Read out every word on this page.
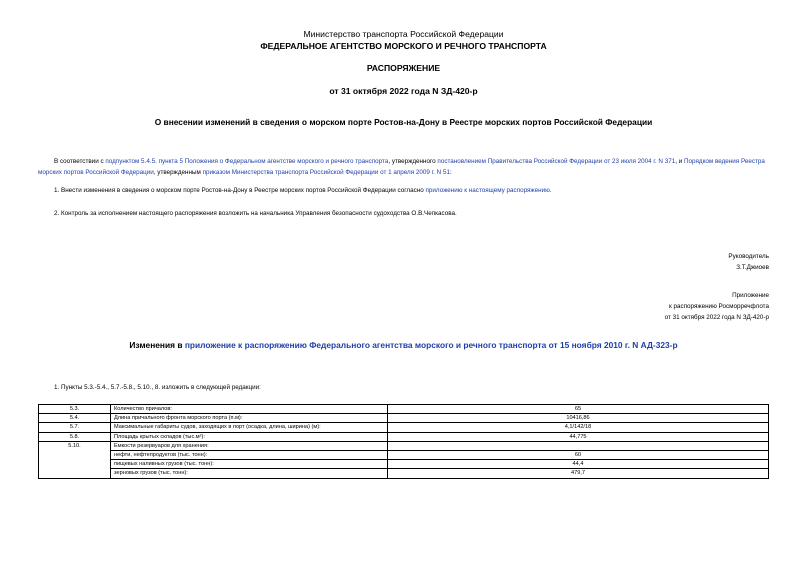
Министерство транспорта Российской Федерации
ФЕДЕРАЛЬНОЕ АГЕНТСТВО МОРСКОГО И РЕЧНОГО ТРАНСПОРТА
РАСПОРЯЖЕНИЕ
от 31 октября 2022 года N ЗД-420-р
О внесении изменений в сведения о морском порте Ростов-на-Дону в Реестре морских портов Российской Федерации
В соответствии с подпунктом 5.4.5. пункта 5 Положения о Федеральном агентстве морского и речного транспорта, утвержденного постановлением Правительства Российской Федерации от 23 июля 2004 г. N 371, и Порядком ведения Реестра морских портов Российской Федерации, утвержденным приказом Министерства транспорта Российской Федерации от 1 апреля 2009 г. N 51:
1. Внести изменения в сведения о морском порте Ростов-на-Дону в Реестре морских портов Российской Федерации согласно приложению к настоящему распоряжению.
2. Контроль за исполнением настоящего распоряжения возложить на начальника Управления безопасности судоходства О.В.Чепкасова.
Руководитель
З.Т.Джиоев
Приложение
к распоряжению Росморречфлота
от 31 октября 2022 года N ЗД-420-р
Изменения в приложение к распоряжению Федерального агентства морского и речного транспорта от 15 ноября 2010 г. N АД-323-р
1. Пункты 5.3.-5.4., 5.7.-5.8., 5.10., 8. изложить в следующей редакции:
5.3.	Количество причалов:	65
5.4.	Длина причального фронта морского порта (п.м):	10416,86
5.7.	Максимальные габариты судов, заходящих в порт (осадка, длина, ширина) (м):	4,1/142/18
5.8.	Площадь крытых складов (тыс.м²):	44,775
5.10.	Емкости резервуаров для хранения:	
	нефти, нефтепродуктов (тыс. тонн):	60
	пищевых наливных грузов (тыс. тонн):	44,4
	зерновых грузов (тыс. тонн):	479,7
